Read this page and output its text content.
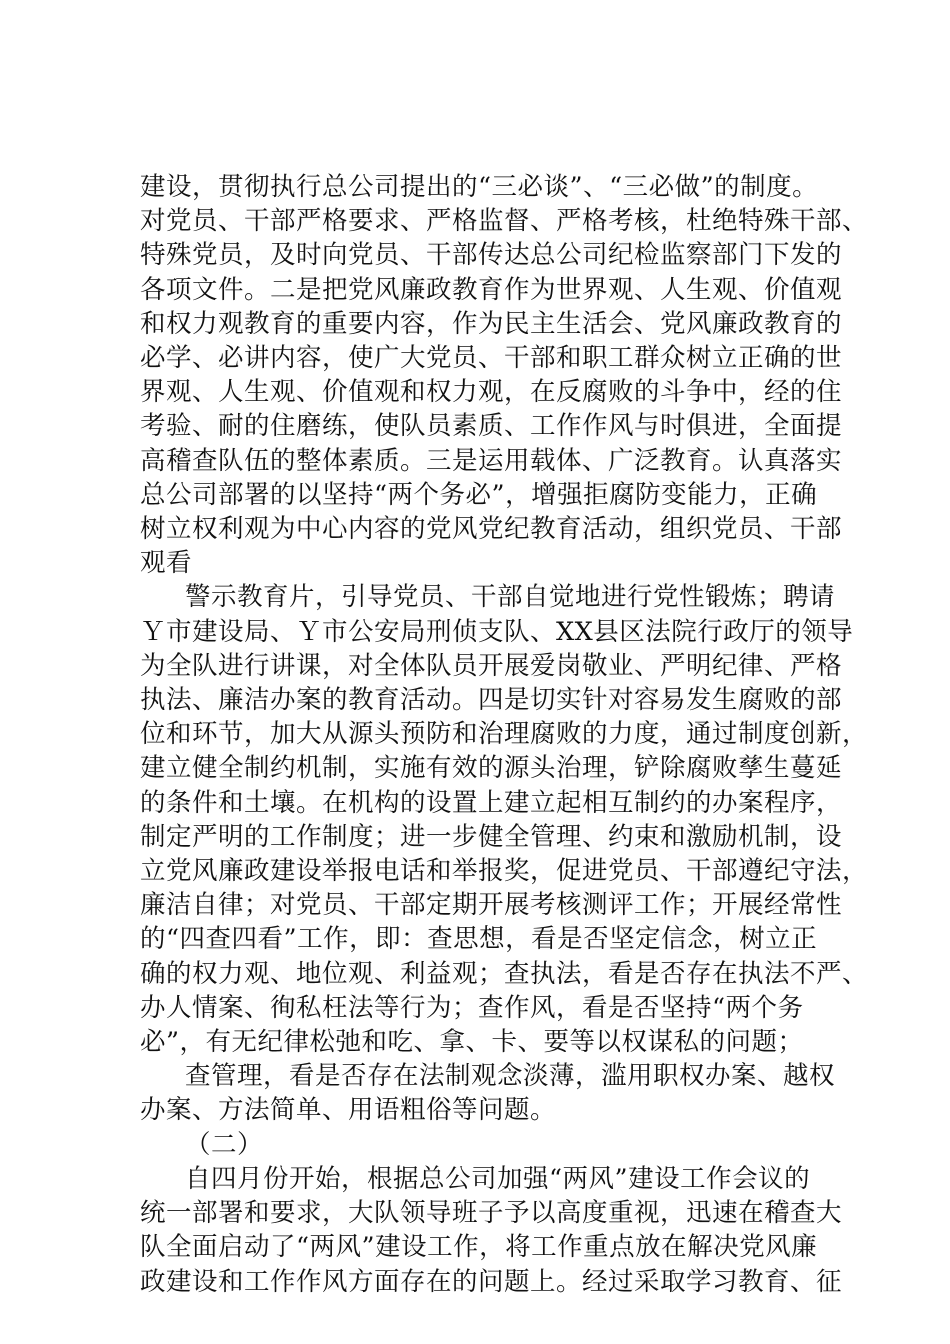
建设，贯彻执行总公司提出的“三必谈”、“三必做”的制度。
对党员、干部严格要求、严格监督、严格考核，杜绝特殊干部、
特殊党员，及时向党员、干部传达总公司纪检监察部门下发的
各项文件。二是把党风廉政教育作为世界观、人生观、价值观
和权力观教育的重要内容，作为民主生活会、党风廉政教育的
必学、必讲内容，使广大党员、干部和职工群众树立正确的世
界观、人生观、价值观和权力观，在反腐败的斗争中，经的住
考验、耐的住磨练，使队员素质、工作作风与时俱进，全面提
高稽查队伍的整体素质。三是运用载体、广泛教育。认真落实
总公司部署的以坚持“两个务必”，增强拒腐防变能力，正确
树立权利观为中心内容的党风党纪教育活动，组织党员、干部
观看
警示教育片，引导党员、干部自觉地进行党性锻炼；聘请
Ｙ市建设局、Ｙ市公安局刑侦支队、XX县区法院行政厅的领导
为全队进行讲课，对全体队员开展爱岗敬业、严明纪律、严格
执法、廉洁办案的教育活动。四是切实针对容易发生腐败的部
位和环节，加大从源头预防和治理腐败的力度，通过制度创新，
建立健全制约机制，实施有效的源头治理，铲除腐败孳生蔓延
的条件和土壤。在机构的设置上建立起相互制约的办案程序，
制定严明的工作制度；进一步健全管理、约束和激励机制，设
立党风廉政建设举报电话和举报奖，促进党员、干部遵纪守法，
廉洁自律；对党员、干部定期开展考核测评工作；开展经常性
的“四查四看”工作，即：查思想，看是否坚定信念，树立正
确的权力观、地位观、利益观；查执法，看是否存在执法不严、
办人情案、徇私枉法等行为；查作风，看是否坚持“两个务
必”，有无纪律松弛和吃、拿、卡、要等以权谋私的问题；
查管理，看是否存在法制观念淡薄，滥用职权办案、越权
办案、方法简单、用语粗俗等问题。
（二）
自四月份开始，根据总公司加强“两风”建设工作会议的
统一部署和要求，大队领导班子予以高度重视，迅速在稽查大
队全面启动了“两风”建设工作，将工作重点放在解决党风廉
政建设和工作作风方面存在的问题上。经过采取学习教育、征
